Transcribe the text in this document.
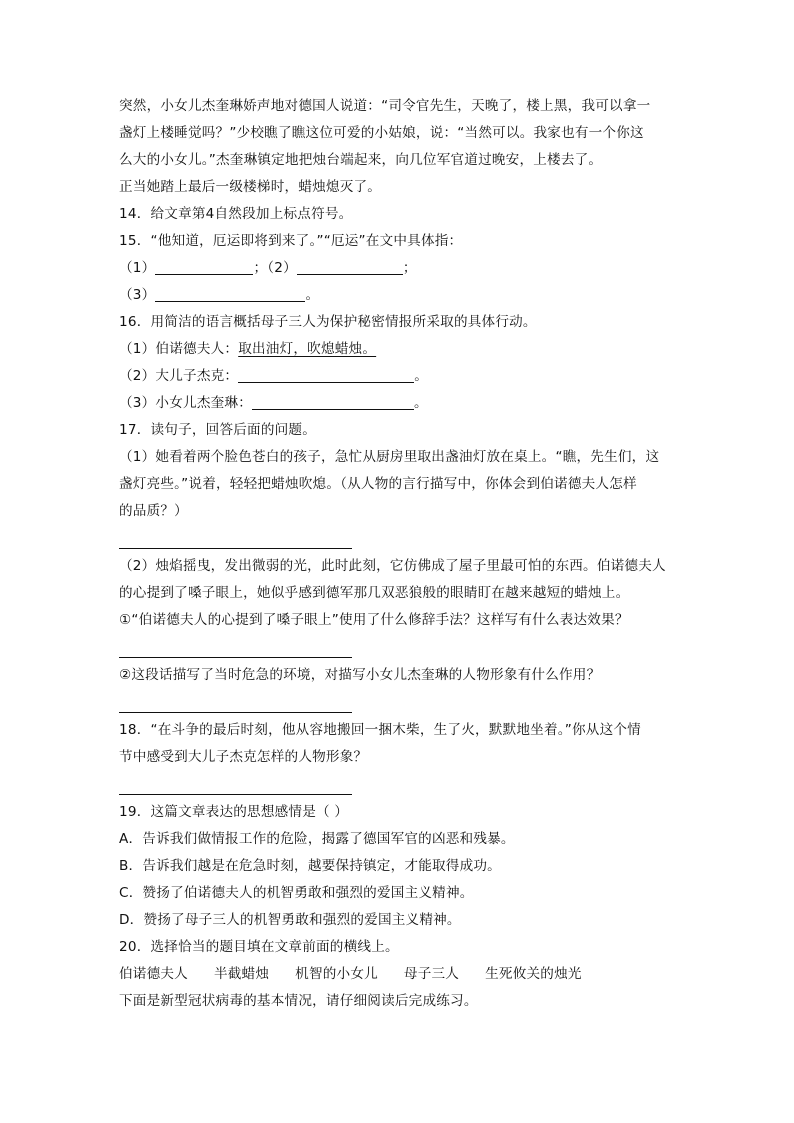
突然，小女儿杰奎琳娇声地对德国人说道：“司令官先生，天晚了，楼上黑，我可以拿一
盏灯上楼睡觉吗？”少校瞧了瞧这位可爱的小姑娘，说：“当然可以。我家也有一个你这
么大的小女儿。”杰奎琳镇定地把烛台端起来，向几位军官道过晚安，上楼去了。
正当她踏上最后一级楼梯时，蜡烛熄灭了。
14．给文章第4自然段加上标点符号。
15．“他知道，厄运即将到来了。”“厄运”在文中具体指：
（1）	；（2）	；
（3）	。
16．用简洁的语言概括母子三人为保护秘密情报所采取的具体行动。
（1）伯诺德夫人：取出油灯，吹熄蜡烛。
（2）大儿子杰克：	。
（3）小女儿杰奎琳：	。
17．读句子，回答后面的问题。
（1）她看着两个脸色苍白的孩子，急忙从厨房里取出盏油灯放在桌上。“瞧，先生们，这
盏灯亮些。”说着，轻轻把蜡烛吹熄。（从人物的言行描写中，你体会到伯诺德夫人怎样
的品质？）
（2）烛焰摇曳，发出微弱的光，此时此刻，它仿佛成了屋子里最可怕的东西。伯诺德夫人
的心提到了嗓子眼上，她似乎感到德军那几双恶狼般的眼睛盯在越来越短的蜡烛上。
①“伯诺德夫人的心提到了嗓子眼上”使用了什么修辞手法？这样写有什么表达效果？
②这段话描写了当时危急的环境，对描写小女儿杰奎琳的人物形象有什么作用？
18．“在斗争的最后时刻，他从容地搬回一捆木柴，生了火，默默地坐着。”你从这个情
节中感受到大儿子杰克怎样的人物形象？
19．这篇文章表达的思想感情是（ ）
A．告诉我们做情报工作的危险，揭露了德国军官的凶恶和残暴。
B．告诉我们越是在危急时刻，越要保持镇定，才能取得成功。
C．赞扬了伯诺德夫人的机智勇敢和强烈的爱国主义精神。
D．赞扬了母子三人的机智勇敢和强烈的爱国主义精神。
20．选择恰当的题目填在文章前面的横线上。
伯诺德夫人 半截蜡烛 机智的小女儿 母子三人 生死攸关的烛光
下面是新型冠状病毒的基本情况，请仔细阅读后完成练习。
